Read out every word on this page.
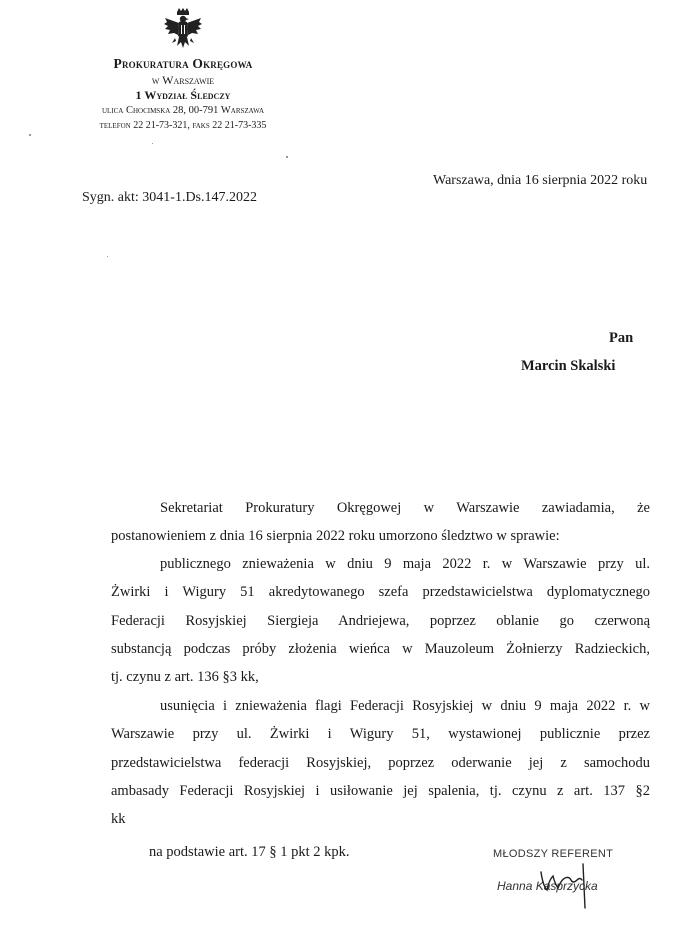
Prokuratura Okręgowa
w Warszawie
1 Wydział Śledczy
ulica Chocimska 28, 00-791 Warszawa
telefon 22 21-73-321, faks 22 21-73-335
Warszawa, dnia 16 sierpnia 2022 roku
Sygn. akt: 3041-1.Ds.147.2022
Pan
Marcin Skalski
Sekretariat Prokuratury Okręgowej w Warszawie zawiadamia, że
postanowieniem z dnia 16 sierpnia 2022 roku umorzono śledztwo w sprawie:
publicznego znieważenia w dniu 9 maja 2022 r. w Warszawie przy ul.
Żwirki i Wigury 51 akredytowanego szefa przedstawicielstwa dyplomatycznego
Federacji Rosyjskiej Siergieja Andriejewa, poprzez oblanie go czerwoną
substancją podczas próby złożenia wieńca w Mauzoleum Żołnierzy Radzieckich,
tj. czynu z art. 136 §3 kk,
usunięcia i znieważenia flagi Federacji Rosyjskiej w dniu 9 maja 2022 r. w
Warszawie przy ul. Żwirki i Wigury 51, wystawionej publicznie przez
przedstawicielstwa federacji Rosyjskiej, poprzez oderwanie jej z samochodu
ambasady Federacji Rosyjskiej i usiłowanie jej spalenia, tj. czynu z art. 137 §2
kk
na podstawie art. 17 § 1 pkt 2 kpk.	MŁODSZY REFERENT
Hanna Kasprzycka
